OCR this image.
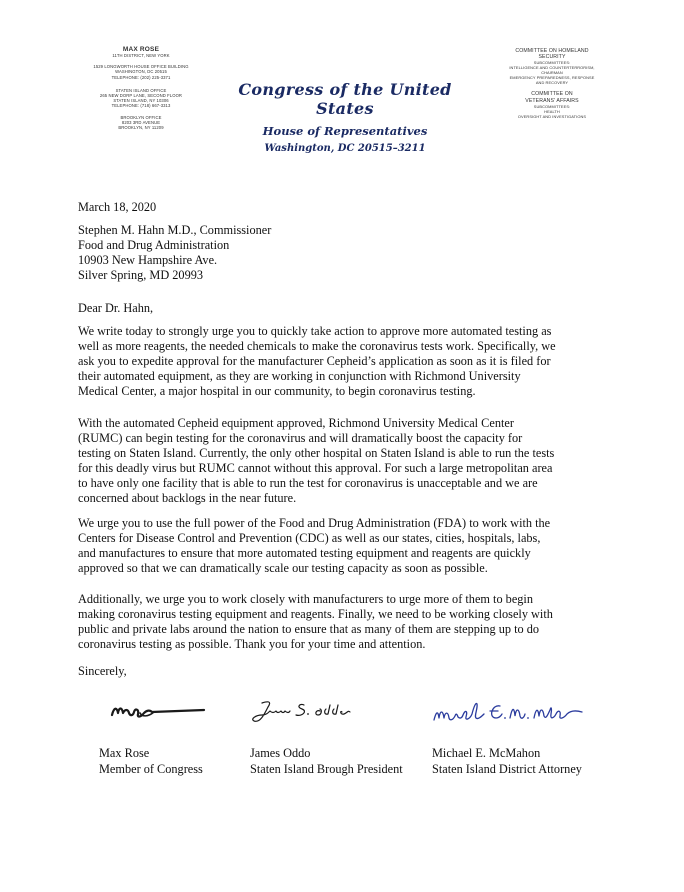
MAX ROSE
11TH DISTRICT, NEW YORK
1529 LONGWORTH HOUSE OFFICE BUILDING
WASHINGTON, DC 20515
TELEPHONE: (202) 225-3371
STATEN ISLAND OFFICE
265 NEW DORP LANE, SECOND FLOOR
STATEN ISLAND, NY 10306
TELEPHONE: (718) 667-3313
BROOKLYN OFFICE
8203 3RD AVENUE
BROOKLYN, NY 11209
Congress of the United States
House of Representatives
Washington, DC 20515–3211
COMMITTEE ON HOMELAND
SECURITY
SUBCOMMITTEES:
INTELLIGENCE AND COUNTERTERRORISM,
CHAIRMAN
EMERGENCY PREPAREDNESS, RESPONSE
AND RECOVERY
COMMITTEE ON
VETERANS' AFFAIRS
SUBCOMMITTEES:
HEALTH
OVERSIGHT AND INVESTIGATIONS
March 18, 2020
Stephen M. Hahn M.D., Commissioner
Food and Drug Administration
10903 New Hampshire Ave.
Silver Spring, MD 20993
Dear Dr. Hahn,
We write today to strongly urge you to quickly take action to approve more automated testing as
well as more reagents, the needed chemicals to make the coronavirus tests work. Specifically, we
ask you to expedite approval for the manufacturer Cepheid’s application as soon as it is filed for
their automated equipment, as they are working in conjunction with Richmond University
Medical Center, a major hospital in our community, to begin coronavirus testing.
With the automated Cepheid equipment approved, Richmond University Medical Center
(RUMC) can begin testing for the coronavirus and will dramatically boost the capacity for
testing on Staten Island. Currently, the only other hospital on Staten Island is able to run the tests
for this deadly virus but RUMC cannot without this approval. For such a large metropolitan area
to have only one facility that is able to run the test for coronavirus is unacceptable and we are
concerned about backlogs in the near future.
We urge you to use the full power of the Food and Drug Administration (FDA) to work with the
Centers for Disease Control and Prevention (CDC) as well as our states, cities, hospitals, labs,
and manufactures to ensure that more automated testing equipment and reagents are quickly
approved so that we can dramatically scale our testing capacity as soon as possible.
Additionally, we urge you to work closely with manufacturers to urge more of them to begin
making coronavirus testing equipment and reagents. Finally, we need to be working closely with
public and private labs around the nation to ensure that as many of them are stepping up to do
coronavirus testing as possible. Thank you for your time and attention.
Sincerely,
Max Rose
Member of Congress
James Oddo
Staten Island Brough President
Michael E. McMahon
Staten Island District Attorney
